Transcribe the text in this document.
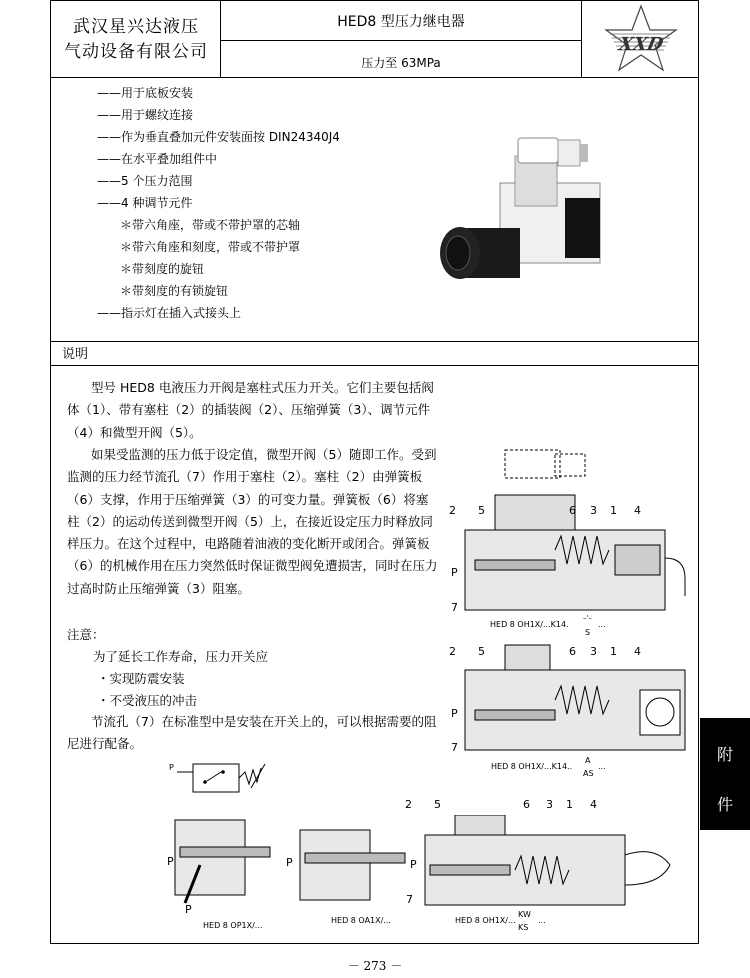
武汉星兴达液压
气动设备有限公司
HED8 型压力继电器
压力至 63MPa
XXD
——用于底板安装
——用于螺纹连接
——作为垂直叠加元件安装面按 DIN24340J4
——在水平叠加组件中
——5 个压力范围
——4 种调节元件
＊带六角座，带或不带护罩的芯轴
＊带六角座和刻度，带或不带护罩
＊带刻度的旋钮
＊带刻度的有锁旋钮
——指示灯在插入式接头上
说明
型号 HED8 电液压力开阀是塞柱式压力开关。它们主要包括阀体（1）、带有塞柱（2）的插装阀（2）、压缩弹簧（3）、调节元件（4）和微型开阀（5）。
如果受监测的压力低于设定值，微型开阀（5）随即工作。受到监测的压力经节流孔（7）作用于塞柱（2）。塞柱（2）由弹簧板（6）支撑，作用于压缩弹簧（3）的可变力量。弹簧板（6）将塞柱（2）的运动传送到微型开阀（5）上，在接近设定压力时释放同样压力。在这个过程中，电路随着油液的变化断开或闭合。弹簧板（6）的机械作用在压力突然低时保证微型阀免遭损害，同时在压力过高时防止压缩弹簧（3）阻塞。
注意：
为了延长工作寿命，压力开关应
・实现防震安装
・不受液压的冲击
节流孔（7）在标准型中是安装在开关上的，可以根据需要的阻尼进行配备。
P
2 5	6 3 1 4
P
7
HED 8 OH1X/...K14.
–'–
S
...
2 5	6 3 1 4
P
7
HED 8 OH1X/...K14..
A
AS
...
2 5	6 3 1 4
P
P
P	P
7
HED 8 OP1X/...
HED 8 OA1X/...	HED 8 OH1X/...
KW
KS
...
附
件
－ 273 －
